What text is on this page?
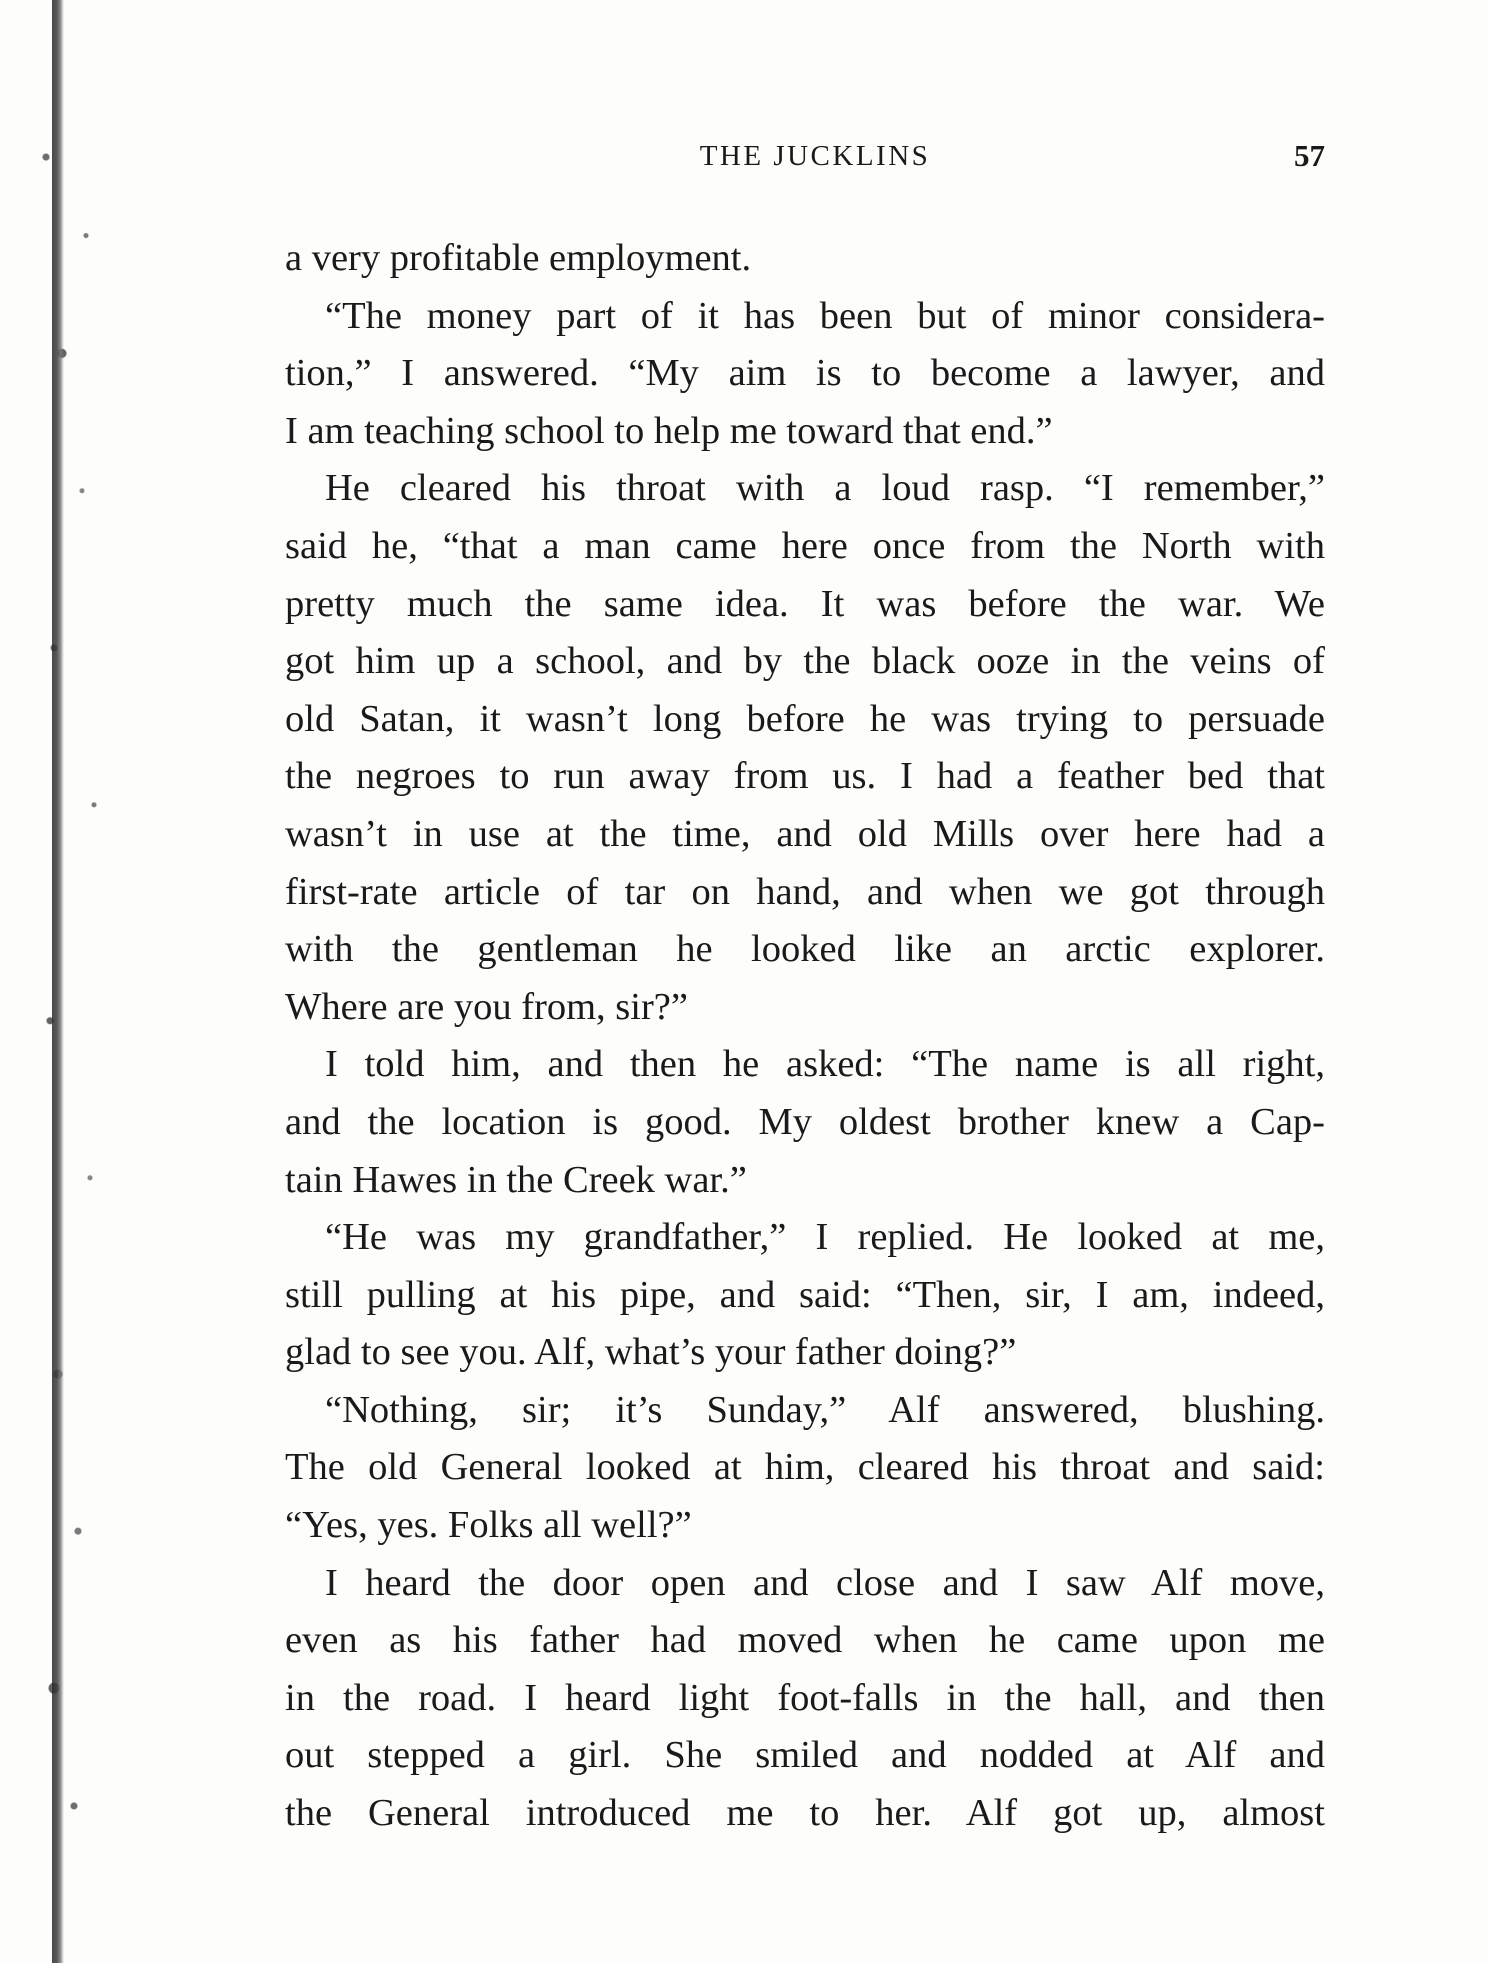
THE JUCKLINS	57
a very profitable employment.
“The money part of it has been but of minor considera-
tion,” I answered. “My aim is to become a lawyer, and
I am teaching school to help me toward that end.”
He cleared his throat with a loud rasp. “I remember,”
said he, “that a man came here once from the North with
pretty much the same idea. It was before the war. We
got him up a school, and by the black ooze in the veins of
old Satan, it wasn’t long before he was trying to persuade
the negroes to run away from us. I had a feather bed that
wasn’t in use at the time, and old Mills over here had a
first-rate article of tar on hand, and when we got through
with the gentleman he looked like an arctic explorer.
Where are you from, sir?”
I told him, and then he asked: “The name is all right,
and the location is good. My oldest brother knew a Cap-
tain Hawes in the Creek war.”
“He was my grandfather,” I replied. He looked at me,
still pulling at his pipe, and said: “Then, sir, I am, indeed,
glad to see you. Alf, what’s your father doing?”
“Nothing, sir; it’s Sunday,” Alf answered, blushing.
The old General looked at him, cleared his throat and said:
“Yes, yes. Folks all well?”
I heard the door open and close and I saw Alf move,
even as his father had moved when he came upon me
in the road. I heard light foot-falls in the hall, and then
out stepped a girl. She smiled and nodded at Alf and
the General introduced me to her. Alf got up, almost
